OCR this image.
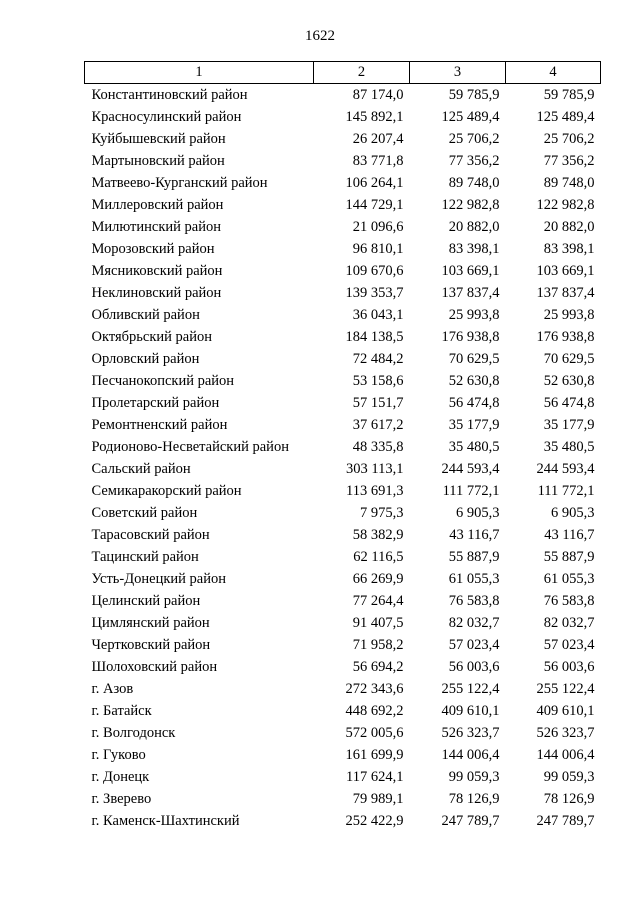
1622
1	2	3	4
Константиновский район	87 174,0	59 785,9	59 785,9
Красносулинский район	145 892,1	125 489,4	125 489,4
Куйбышевский район	26 207,4	25 706,2	25 706,2
Мартыновский район	83 771,8	77 356,2	77 356,2
Матвеево-Курганский район	106 264,1	89 748,0	89 748,0
Миллеровский район	144 729,1	122 982,8	122 982,8
Милютинский район	21 096,6	20 882,0	20 882,0
Морозовский район	96 810,1	83 398,1	83 398,1
Мясниковский район	109 670,6	103 669,1	103 669,1
Неклиновский район	139 353,7	137 837,4	137 837,4
Обливский район	36 043,1	25 993,8	25 993,8
Октябрьский район	184 138,5	176 938,8	176 938,8
Орловский район	72 484,2	70 629,5	70 629,5
Песчанокопский район	53 158,6	52 630,8	52 630,8
Пролетарский район	57 151,7	56 474,8	56 474,8
Ремонтненский район	37 617,2	35 177,9	35 177,9
Родионово-Несветайский район	48 335,8	35 480,5	35 480,5
Сальский район	303 113,1	244 593,4	244 593,4
Семикаракорский район	113 691,3	111 772,1	111 772,1
Советский район	7 975,3	6 905,3	6 905,3
Тарасовский район	58 382,9	43 116,7	43 116,7
Тацинский район	62 116,5	55 887,9	55 887,9
Усть-Донецкий район	66 269,9	61 055,3	61 055,3
Целинский район	77 264,4	76 583,8	76 583,8
Цимлянский район	91 407,5	82 032,7	82 032,7
Чертковский район	71 958,2	57 023,4	57 023,4
Шолоховский район	56 694,2	56 003,6	56 003,6
г. Азов	272 343,6	255 122,4	255 122,4
г. Батайск	448 692,2	409 610,1	409 610,1
г. Волгодонск	572 005,6	526 323,7	526 323,7
г. Гуково	161 699,9	144 006,4	144 006,4
г. Донецк	117 624,1	99 059,3	99 059,3
г. Зверево	79 989,1	78 126,9	78 126,9
г. Каменск-Шахтинский	252 422,9	247 789,7	247 789,7
